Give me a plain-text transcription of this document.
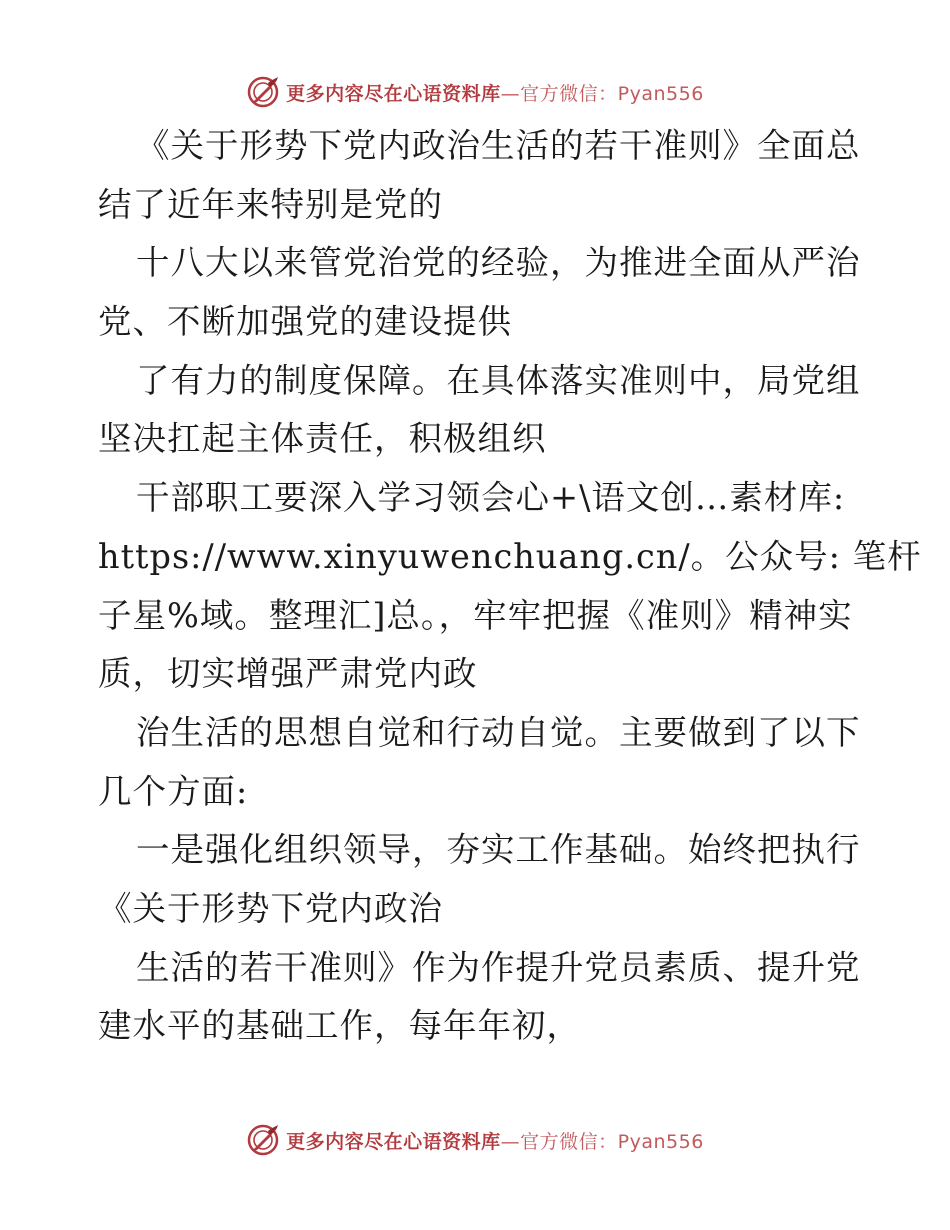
更多内容尽在心语资料库—官方微信：Pyan556
《关于形势下党内政治生活的若干准则》全面总
结了近年来特别是党的
十八大以来管党治党的经验，为推进全面从严治
党、不断加强党的建设提供
了有力的制度保障。在具体落实准则中，局党组
坚决扛起主体责任，积极组织
干部职工要深入学习领会心+\语文创…素材库:
https://www.xinyuwenchuang.cn/。公众号: 笔杆
子星%域。整理汇]总。，牢牢把握《准则》精神实
质，切实增强严肃党内政
治生活的思想自觉和行动自觉。主要做到了以下
几个方面:
一是强化组织领导，夯实工作基础。始终把执行
《关于形势下党内政治
生活的若干准则》作为作提升党员素质、提升党
建水平的基础工作，每年年初，
更多内容尽在心语资料库—官方微信：Pyan556
